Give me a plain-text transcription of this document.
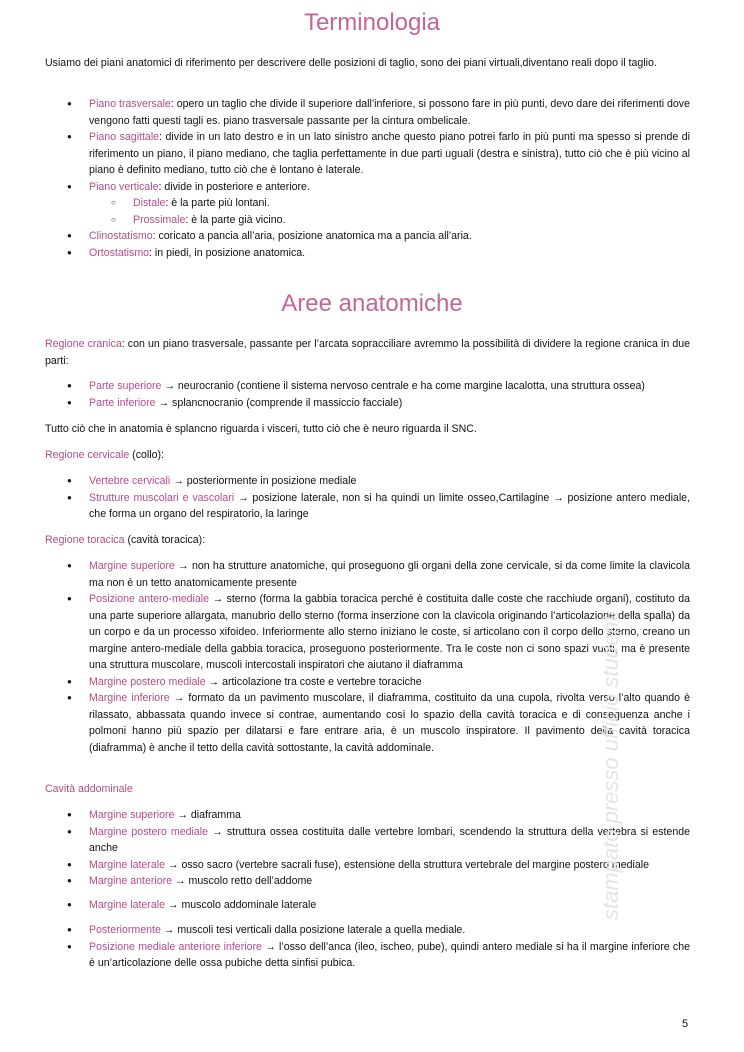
Terminologia

Usiamo dei piani anatomici di riferimento per descrivere delle posizioni di taglio, sono dei piani virtuali,diventano reali dopo il taglio.

● Piano trasversale: opero un taglio che divide il superiore dall’inferiore, si possono fare in più punti, devo dare dei riferimenti dove vengono fatti questi tagli es. piano trasversale passante per la cintura ombelicale.
● Piano sagittale: divide in un lato destro e in un lato sinistro anche questo piano potrei farlo in più punti ma spesso si prende di riferimento un piano, il piano mediano, che taglia perfettamente in due parti uguali (destra e sinistra), tutto ciò che è più vicino al piano è definito mediano, tutto ciò che è lontano è laterale.
● Piano verticale: divide in posteriore e anteriore.
○ Distale: è la parte più lontani.
○ Prossimale: è la parte già vicino.
● Clinostatismo: coricato a pancia all’aria, posizione anatomica ma a pancia all’aria.
● Ortostatismo: in piedi, in posizione anatomica.
Aree anatomiche

Regione cranica: con un piano trasversale, passante per l’arcata sopracciliare avremmo la possibilità di dividere la regione cranica in due parti:

● Parte superiore → neurocranio (contiene il sistema nervoso centrale e ha come margine lacalotta, una struttura ossea)
● Parte inferiore → splancnocranio (comprende il massiccio facciale)

Tutto ciò che in anatomia è splancno riguarda i visceri, tutto ciò che è neuro riguarda il SNC.

Regione cervicale (collo):

● Vertebre cervicali → posteriormente in posizione mediale
● Strutture muscolari e vascolari → posizione laterale, non si ha quindi un limite osseo,Cartilagine → posizione antero mediale, che forma un organo del respiratorio, la laringe

Regione toracica (cavità toracica):

● Margine superiore → non ha strutture anatomiche, qui proseguono gli organi della zone cervicale, si da come limite la clavicola ma non è un tetto anatomicamente presente
● Posizione antero-mediale → sterno (forma la gabbia toracica perché è costituita dalle coste che racchiude organi), costituto da una parte superiore allargata, manubrio dello sterno (forma inserzione con la clavicola originando l’articolazione della spalla) da un corpo e da un processo xifoideo. Inferiormente allo sterno iniziano le coste, si articolano con il corpo dello sterno, creano un margine antero-mediale della gabbia toracica, proseguono posteriormente. Tra le coste non ci sono spazi vuoti, ma è presente una struttura muscolare, muscoli intercostali inspiratori che aiutano il diaframma
● Margine postero mediale → articolazione tra coste e vertebre toraciche
● Margine inferiore → formato da un pavimento muscolare, il diaframma, costituito da una cupola, rivolta verso l’alto quando è rilassato, abbassata quando invece si contrae, aumentando così lo spazio della cavità toracica e di conseguenza anche i polmoni hanno più spazio per dilatarsi e fare entrare aria, è un muscolo inspiratore. Il pavimento della cavità toracica (diaframma) è anche il tetto della cavità sottostante, la cavità addominale.

Cavità addominale

● Margine superiore → diaframma
● Margine postero mediale → struttura ossea costituita dalle vertebre lombari, scendendo la struttura della vertebra si estende anche
● Margine laterale → osso sacro (vertebre sacrali fuse), estensione della struttura vertebrale del margine postero mediale
● Margine anteriore → muscolo retto dell’addome
● Margine laterale → muscolo addominale laterale
● Posteriormente → muscoli tesi verticali dalla posizione laterale a quella mediale.
● Posizione mediale anteriore inferiore → l’osso dell’anca (ileo, ischeo, pube), quindi antero mediale si ha il margine inferiore che è un’articolazione delle ossa pubiche detta sinfisi pubica.
stampato presso ufficio studenti
5
